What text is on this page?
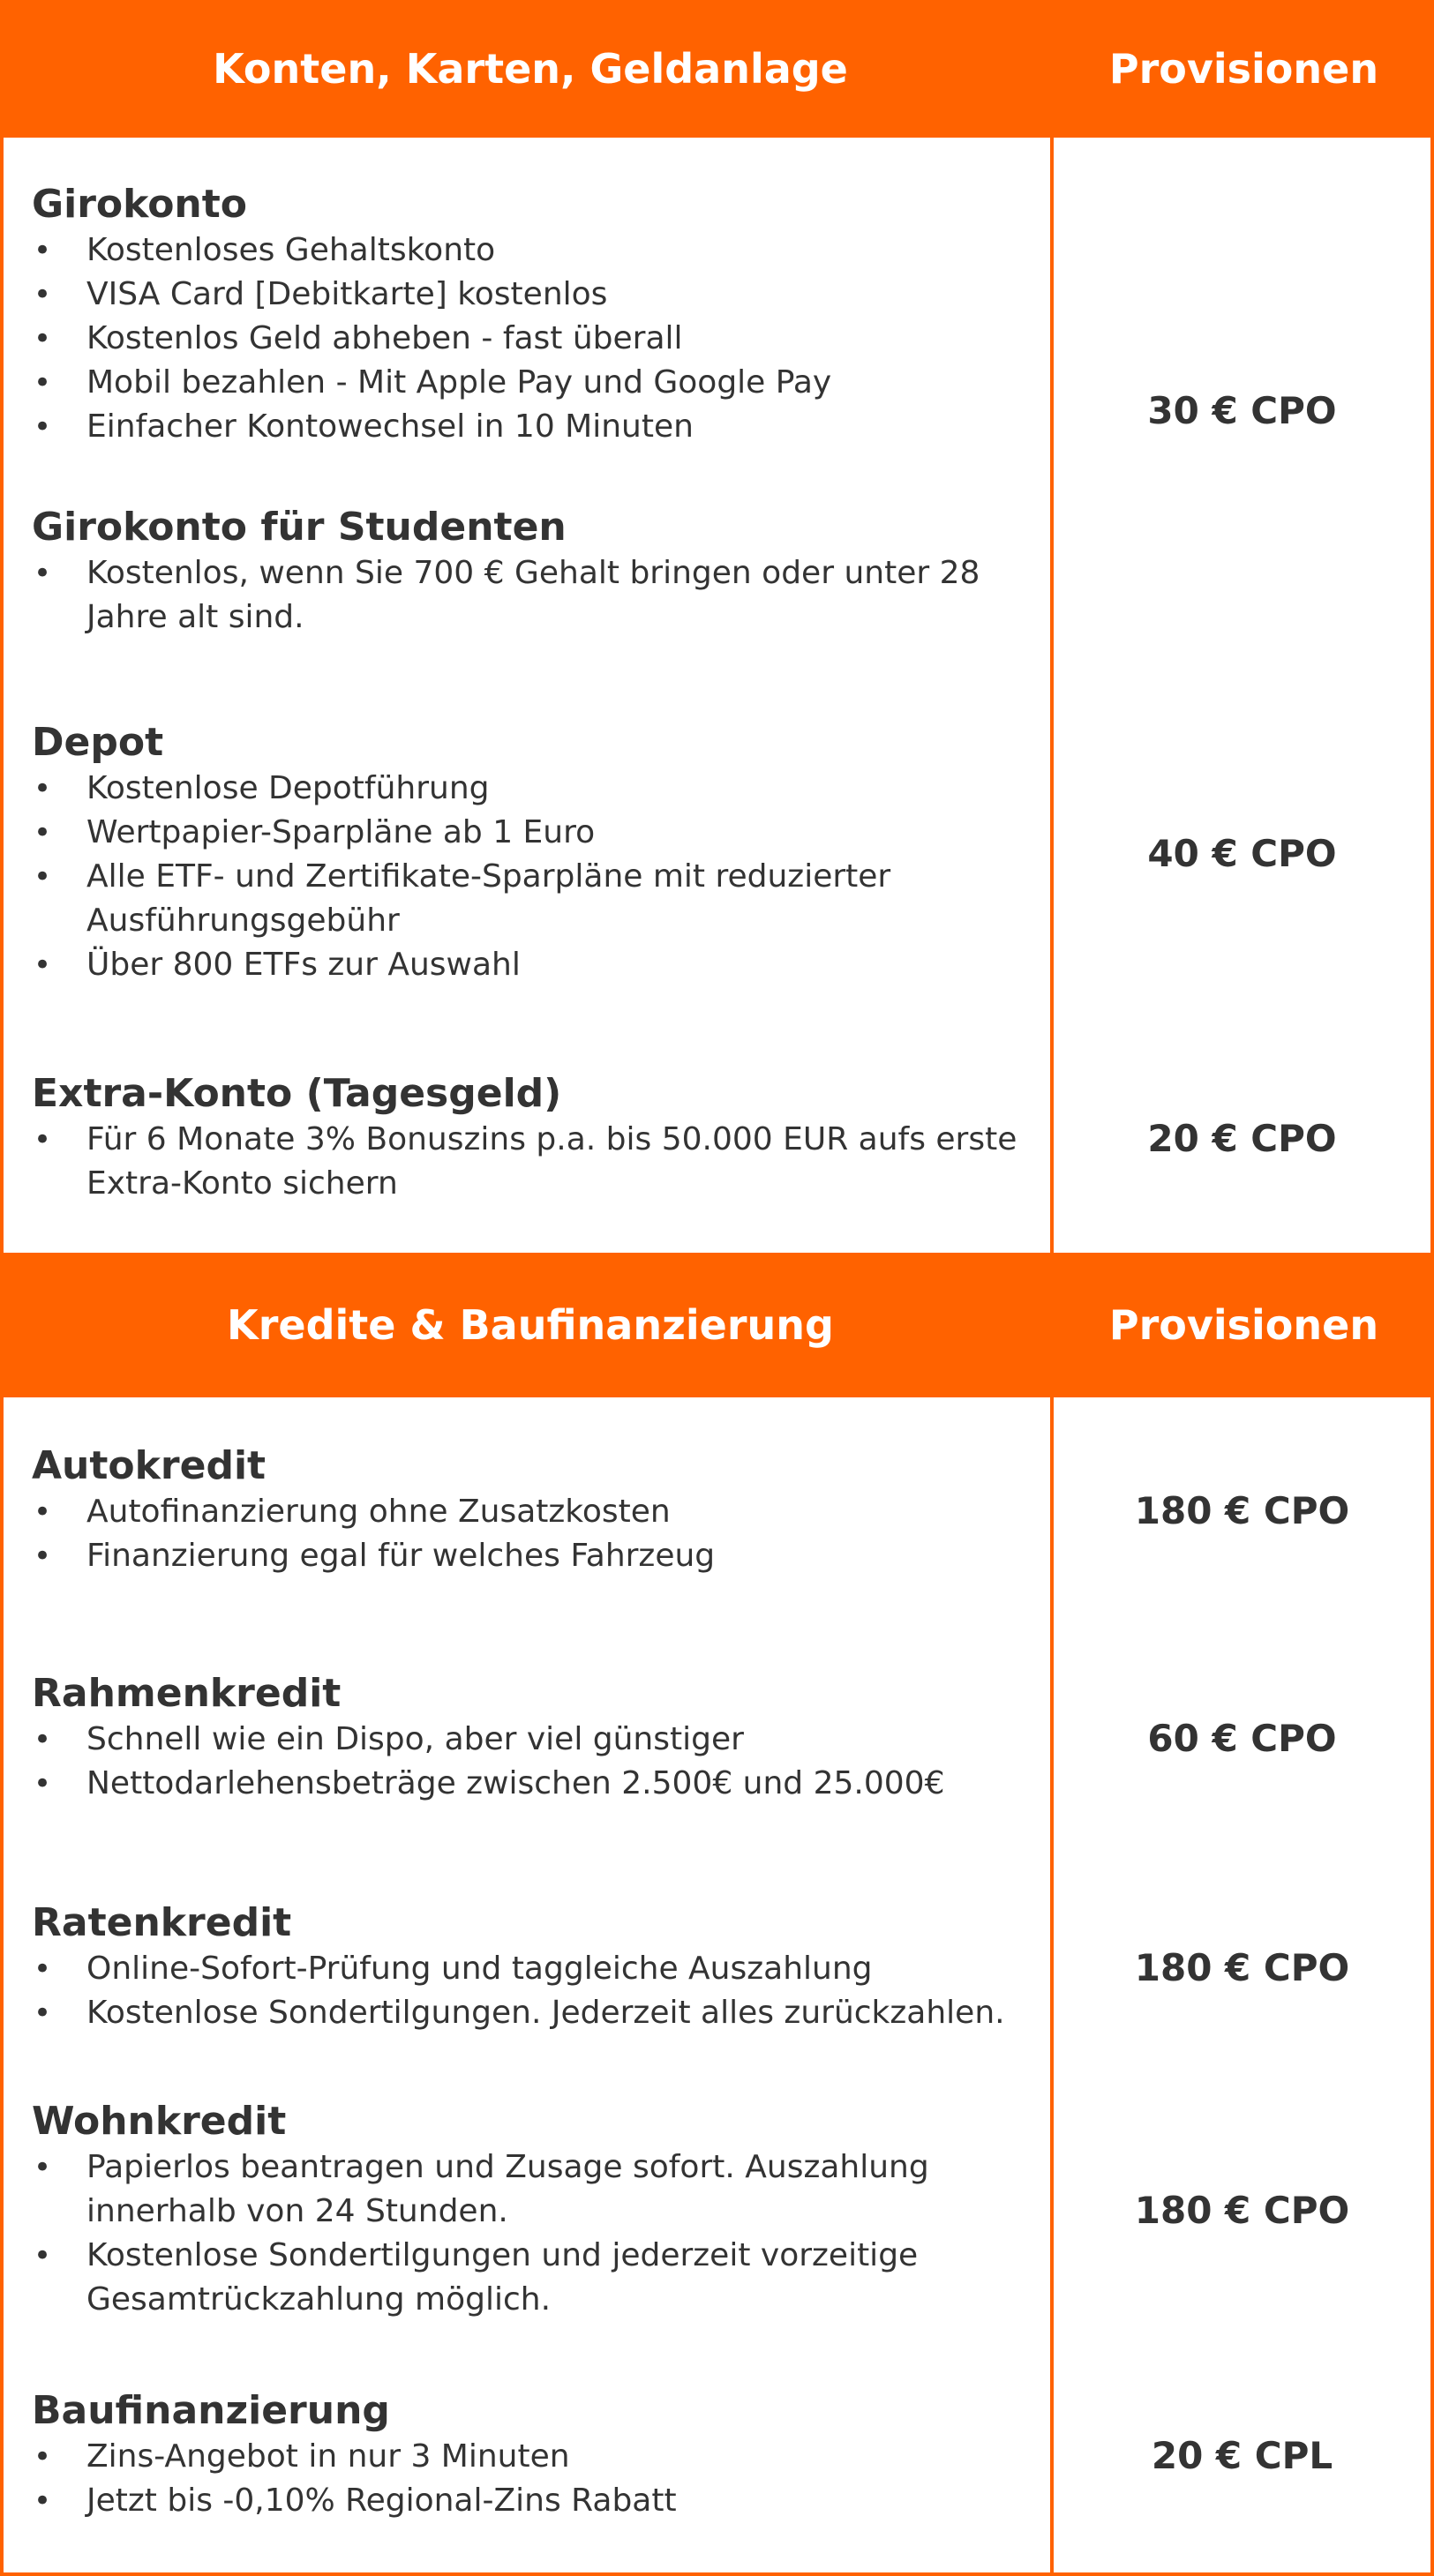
Konten, Karten, Geldanlage	Provisionen

Girokonto

• Kostenloses Gehaltskonto
• VISA Card [Debitkarte] kostenlos
• Kostenlos Geld abheben - fast überall
• Mobil bezahlen - Mit Apple Pay und Google Pay
• Einfacher Kontowechsel in 10 Minuten

Girokonto für Studenten

• Kostenlos, wenn Sie 700 € Gehalt bringen oder unter 28 Jahre alt sind.
30 € CPO

Depot

• Kostenlose Depotführung
• Wertpapier-Sparpläne ab 1 Euro
• Alle ETF- und Zertifikate-Sparpläne mit reduzierter Ausführungsgebühr
• Über 800 ETFs zur Auswahl
40 € CPO

Extra-Konto (Tagesgeld)

• Für 6 Monate 3% Bonuszins p.a. bis 50.000 EUR aufs erste Extra-Konto sichern
20 € CPO
Kredite & Baufinanzierung	Provisionen

Autokredit

• Autofinanzierung ohne Zusatzkosten
• Finanzierung egal für welches Fahrzeug
180 € CPO

Rahmenkredit

• Schnell wie ein Dispo, aber viel günstiger
• Nettodarlehensbeträge zwischen 2.500€ und 25.000€
60 € CPO

Ratenkredit

• Online-Sofort-Prüfung und taggleiche Auszahlung
• Kostenlose Sondertilgungen. Jederzeit alles zurückzahlen.
180 € CPO

Wohnkredit

• Papierlos beantragen und Zusage sofort. Auszahlung innerhalb von 24 Stunden.
• Kostenlose Sondertilgungen und jederzeit vorzeitige Gesamtrückzahlung möglich.
180 € CPO

Baufinanzierung

• Zins-Angebot in nur 3 Minuten
• Jetzt bis -0,10% Regional-Zins Rabatt
20 € CPL
